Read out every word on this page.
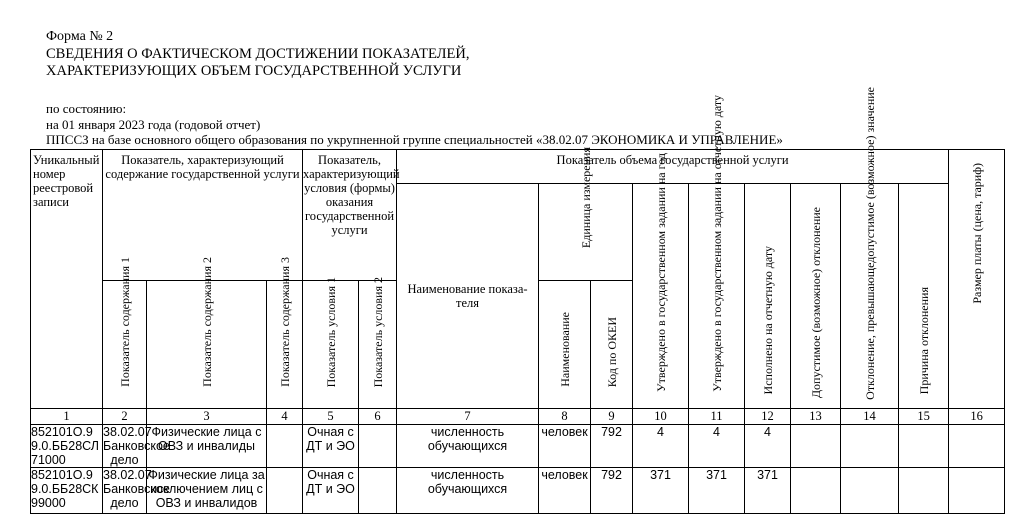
Форма № 2
СВЕДЕНИЯ О ФАКТИЧЕСКОМ ДОСТИЖЕНИИ ПОКАЗАТЕЛЕЙ,
ХАРАКТЕРИЗУЮЩИХ ОБЪЕМ ГОСУДАРСТВЕННОЙ УСЛУГИ
по состоянию:
на 01 января 2023 года (годовой отчет)
ППССЗ на базе основного общего образования по укрупненной группе специальностей «38.02.07 ЭКОНОМИКА И УПРАВЛЕНИЕ»
Уникальный номер реестровой записи	Показатель, характеризующий содержание государственной услуги			Показатель, характеризующий условия (формы) оказания государственной услуги		Показатель объема государственной услуги									Размер платы (цена, тариф)

						Наименование показа-теля	Единица измерения		Утверждено в государственном задании на год	Утверждено в государственном задании на отчетную дату	Исполнено на отчетную дату	Допустимое (возможное) отклонение	Отклонение, превышающедопустимое (возможное) значение	Причина отклонения	

	Показатель содержания 1	Показатель содержания 2	Показатель содержания 3	Показатель условия 1	Показатель условия 2		Наименование	Код по ОКЕИ							

1	2	3	4	5	6	7	8	9	10	11	12	13	14	15	16
852101О.99.0.ББ28СЛ71000	38.02.07 Банковское дело	Физические лица с ОВЗ и инвалиды		Очная с ДТ и ЭО		численность обучающихся	человек	792	4	4	4				
852101О.99.0.ББ28СК99000	38.02.07 Банковское дело	Физические лица за исключением лиц с ОВЗ и инвалидов		Очная с ДТ и ЭО		численность обучающихся	человек	792	371	371	371				
